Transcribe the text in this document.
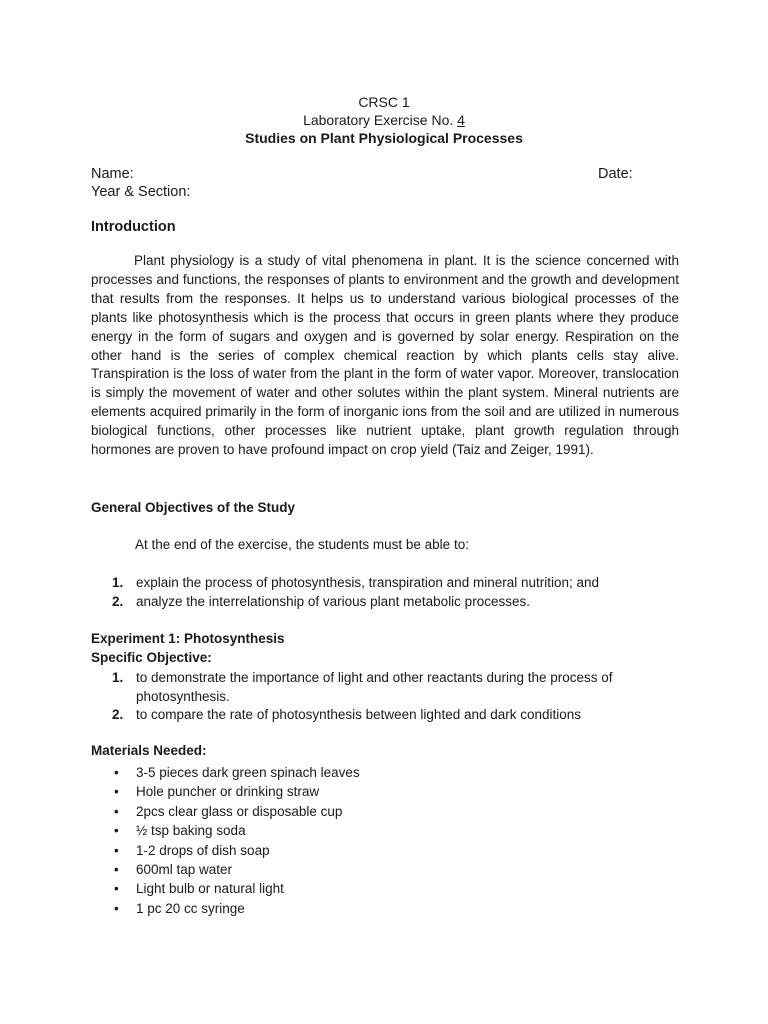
CRSC 1
Laboratory Exercise No. 4
Studies on Plant Physiological Processes
Name:	Date:
Year & Section:
Introduction
Plant physiology is a study of vital phenomena in plant. It is the science concerned with processes and functions, the responses of plants to environment and the growth and development that results from the responses. It helps us to understand various biological processes of the plants like photosynthesis which is the process that occurs in green plants where they produce energy in the form of sugars and oxygen and is governed by solar energy. Respiration on the other hand is the series of complex chemical reaction by which plants cells stay alive. Transpiration is the loss of water from the plant in the form of water vapor. Moreover, translocation is simply the movement of water and other solutes within the plant system. Mineral nutrients are elements acquired primarily in the form of inorganic ions from the soil and are utilized in numerous biological functions, other processes like nutrient uptake, plant growth regulation through hormones are proven to have profound impact on crop yield (Taiz and Zeiger, 1991).
General Objectives of the Study
At the end of the exercise, the students must be able to:
1. explain the process of photosynthesis, transpiration and mineral nutrition; and
2. analyze the interrelationship of various plant metabolic processes.
Experiment 1: Photosynthesis
Specific Objective:
1. to demonstrate the importance of light and other reactants during the process of photosynthesis.
2. to compare the rate of photosynthesis between lighted and dark conditions
Materials Needed:
• 3-5 pieces dark green spinach leaves
• Hole puncher or drinking straw
• 2pcs clear glass or disposable cup
• ½ tsp baking soda
• 1-2 drops of dish soap
• 600ml tap water
• Light bulb or natural light
• 1 pc 20 cc syringe
